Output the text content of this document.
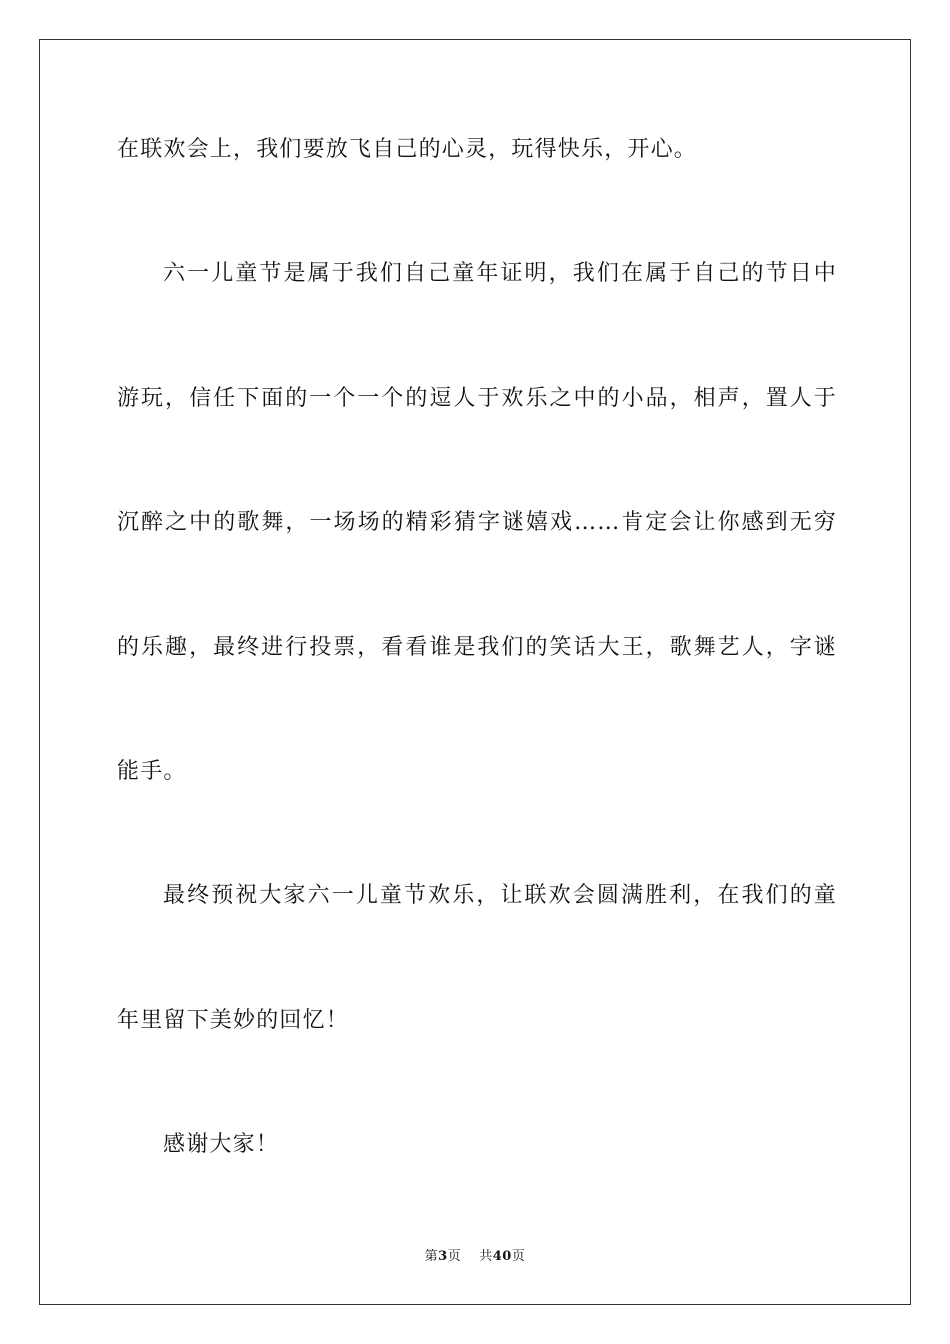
在联欢会上，我们要放飞自己的心灵，玩得快乐，开心。
六一儿童节是属于我们自己童年证明，我们在属于自己的节日中
游玩，信任下面的一个一个的逗人于欢乐之中的小品，相声，置人于
沉醉之中的歌舞，一场场的精彩猜字谜嬉戏……肯定会让你感到无穷
的乐趣，最终进行投票，看看谁是我们的笑话大王，歌舞艺人，字谜
能手。
最终预祝大家六一儿童节欢乐，让联欢会圆满胜利，在我们的童
年里留下美妙的回忆！
感谢大家！
第3页 共40页
